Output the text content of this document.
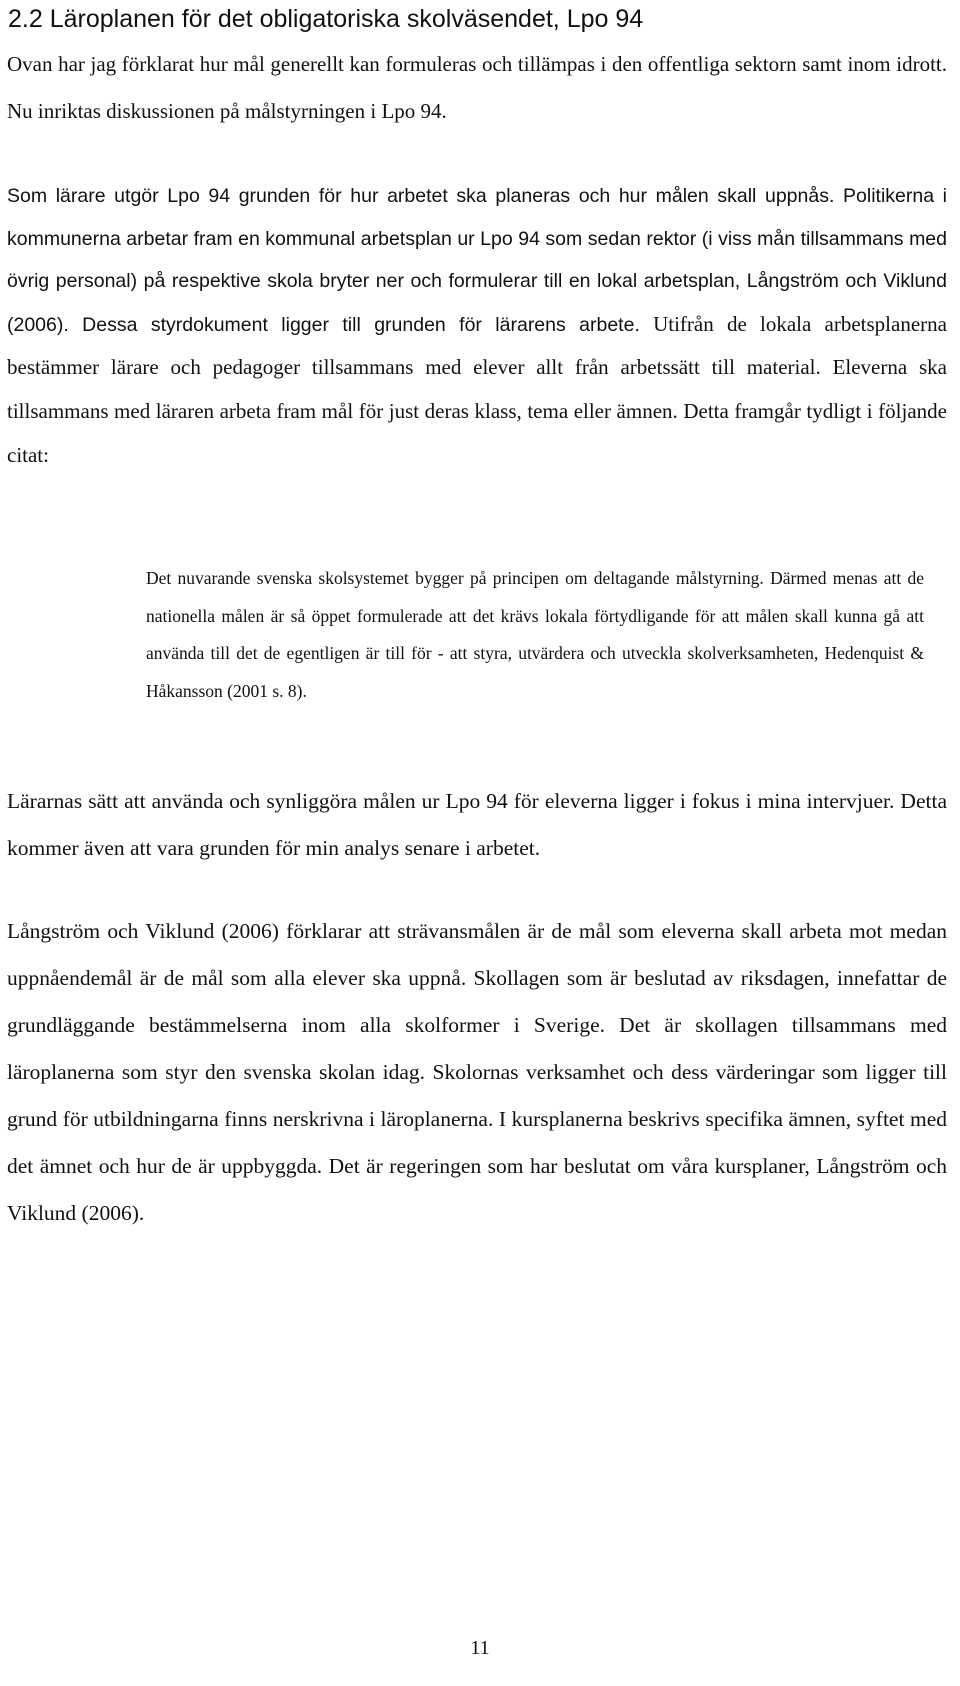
2.2 Läroplanen för det obligatoriska skolväsendet, Lpo 94

Ovan har jag förklarat hur mål generellt kan formuleras och tillämpas i den offentliga sektorn samt inom idrott. Nu inriktas diskussionen på målstyrningen i Lpo 94.

Som lärare utgör Lpo 94 grunden för hur arbetet ska planeras och hur målen skall uppnås. Politikerna i kommunerna arbetar fram en kommunal arbetsplan ur Lpo 94 som sedan rektor (i viss mån tillsammans med övrig personal) på respektive skola bryter ner och formulerar till en lokal arbetsplan, Långström och Viklund (2006). Dessa styrdokument ligger till grunden för lärarens arbete. Utifrån de lokala arbetsplanerna bestämmer lärare och pedagoger tillsammans med elever allt från arbetssätt till material. Eleverna ska tillsammans med läraren arbeta fram mål för just deras klass, tema eller ämnen. Detta framgår tydligt i följande citat:

Det nuvarande svenska skolsystemet bygger på principen om deltagande målstyrning. Därmed menas att de nationella målen är så öppet formulerade att det krävs lokala förtydligande för att målen skall kunna gå att använda till det de egentligen är till för - att styra, utvärdera och utveckla skolverksamheten, Hedenquist & Håkansson (2001 s. 8).

Lärarnas sätt att använda och synliggöra målen ur Lpo 94 för eleverna ligger i fokus i mina intervjuer. Detta kommer även att vara grunden för min analys senare i arbetet.

Långström och Viklund (2006) förklarar att strävansmålen är de mål som eleverna skall arbeta mot medan uppnåendemål är de mål som alla elever ska uppnå. Skollagen som är beslutad av riksdagen, innefattar de grundläggande bestämmelserna inom alla skolformer i Sverige. Det är skollagen tillsammans med läroplanerna som styr den svenska skolan idag. Skolornas verksamhet och dess värderingar som ligger till grund för utbildningarna finns nerskrivna i läroplanerna. I kursplanerna beskrivs specifika ämnen, syftet med det ämnet och hur de är uppbyggda. Det är regeringen som har beslutat om våra kursplaner, Långström och Viklund (2006).

11
